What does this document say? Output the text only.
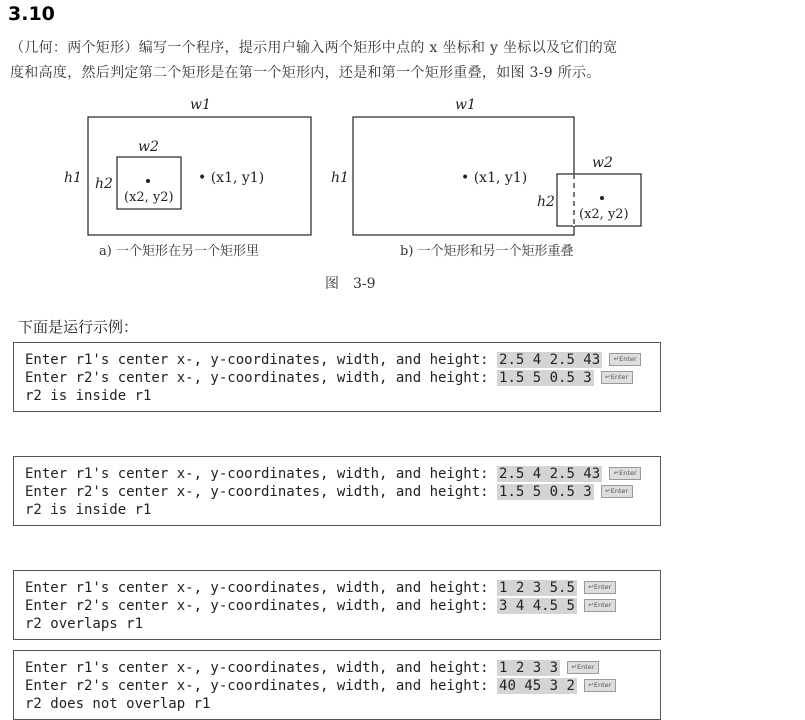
3.10

（几何：两个矩形）编写一个程序，提示用户输入两个矩形中点的 x 坐标和 y 坐标以及它们的宽

度和高度，然后判定第二个矩形是在第一个矩形内，还是和第一个矩形重叠，如图 3-9 所示。

w1
h1
w2
h2	• (x1, y1)
(x2, y2)
w1
h1
w2
h2
• (x1, y1)
(x2, y2)
a) 一个矩形在另一个矩形里	b) 一个矩形和另一个矩形重叠
图　3-9
下面是运行示例：
Enter r1's center x-, y-coordinates, width, and height: 2.5 4 2.5 43 ↵Enter
Enter r2's center x-, y-coordinates, width, and height: 1.5 5 0.5 3 ↵Enter
r2 is inside r1
Enter r1's center x-, y-coordinates, width, and height: 2.5 4 2.5 43 ↵Enter
Enter r2's center x-, y-coordinates, width, and height: 1.5 5 0.5 3 ↵Enter
r2 is inside r1
Enter r1's center x-, y-coordinates, width, and height: 1 2 3 5.5 ↵Enter
Enter r2's center x-, y-coordinates, width, and height: 3 4 4.5 5 ↵Enter
r2 overlaps r1
Enter r1's center x-, y-coordinates, width, and height: 1 2 3 3 ↵Enter
Enter r2's center x-, y-coordinates, width, and height: 40 45 3 2 ↵Enter
r2 does not overlap r1
